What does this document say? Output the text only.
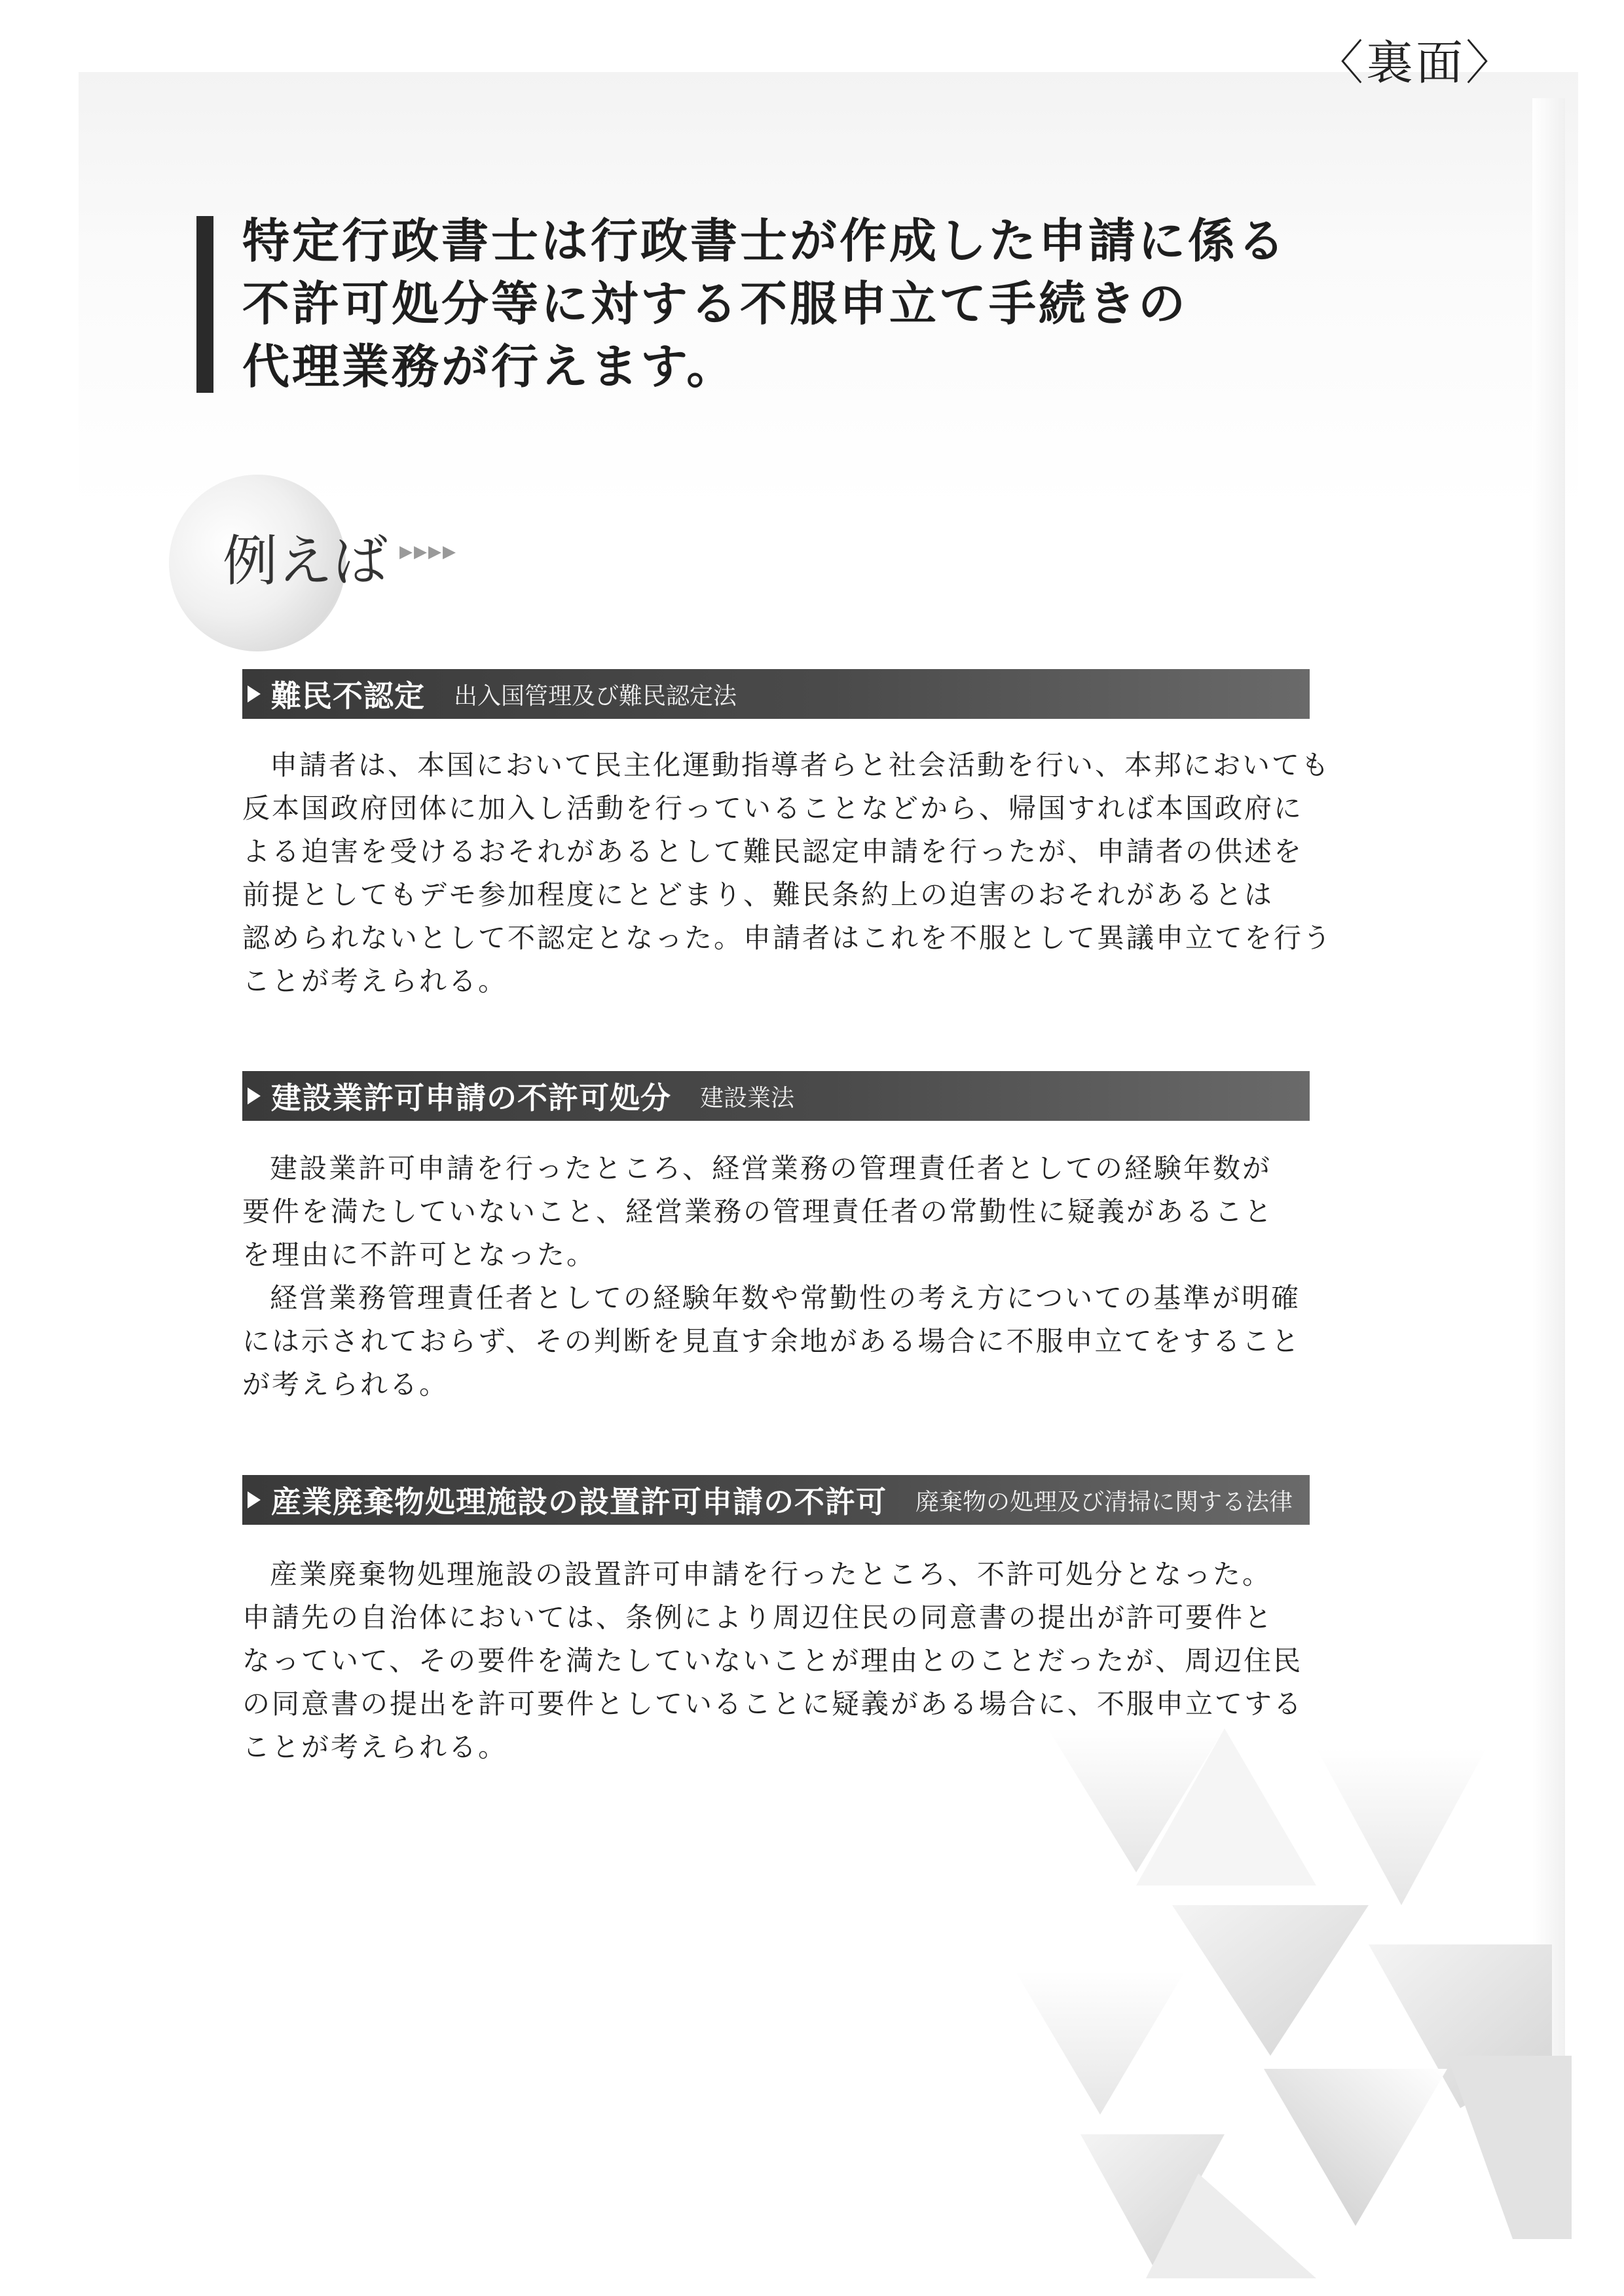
〈裏面〉
特定行政書士は行政書士が作成した申請に係る
不許可処分等に対する不服申立て手続きの
代理業務が行えます。
例えば ▶▶▶▶
難民不認定 出入国管理及び難民認定法
申請者は、本国において民主化運動指導者らと社会活動を行い、本邦においても
反本国政府団体に加入し活動を行っていることなどから、帰国すれば本国政府に
よる迫害を受けるおそれがあるとして難民認定申請を行ったが、申請者の供述を
前提としてもデモ参加程度にとどまり、難民条約上の迫害のおそれがあるとは
認められないとして不認定となった。申請者はこれを不服として異議申立てを行う
ことが考えられる。
建設業許可申請の不許可処分 建設業法
建設業許可申請を行ったところ、経営業務の管理責任者としての経験年数が
要件を満たしていないこと、経営業務の管理責任者の常勤性に疑義があること
を理由に不許可となった。
経営業務管理責任者としての経験年数や常勤性の考え方についての基準が明確
には示されておらず、その判断を見直す余地がある場合に不服申立てをすること
が考えられる。
産業廃棄物処理施設の設置許可申請の不許可 廃棄物の処理及び清掃に関する法律
産業廃棄物処理施設の設置許可申請を行ったところ、不許可処分となった。
申請先の自治体においては、条例により周辺住民の同意書の提出が許可要件と
なっていて、その要件を満たしていないことが理由とのことだったが、周辺住民
の同意書の提出を許可要件としていることに疑義がある場合に、不服申立てする
ことが考えられる。
